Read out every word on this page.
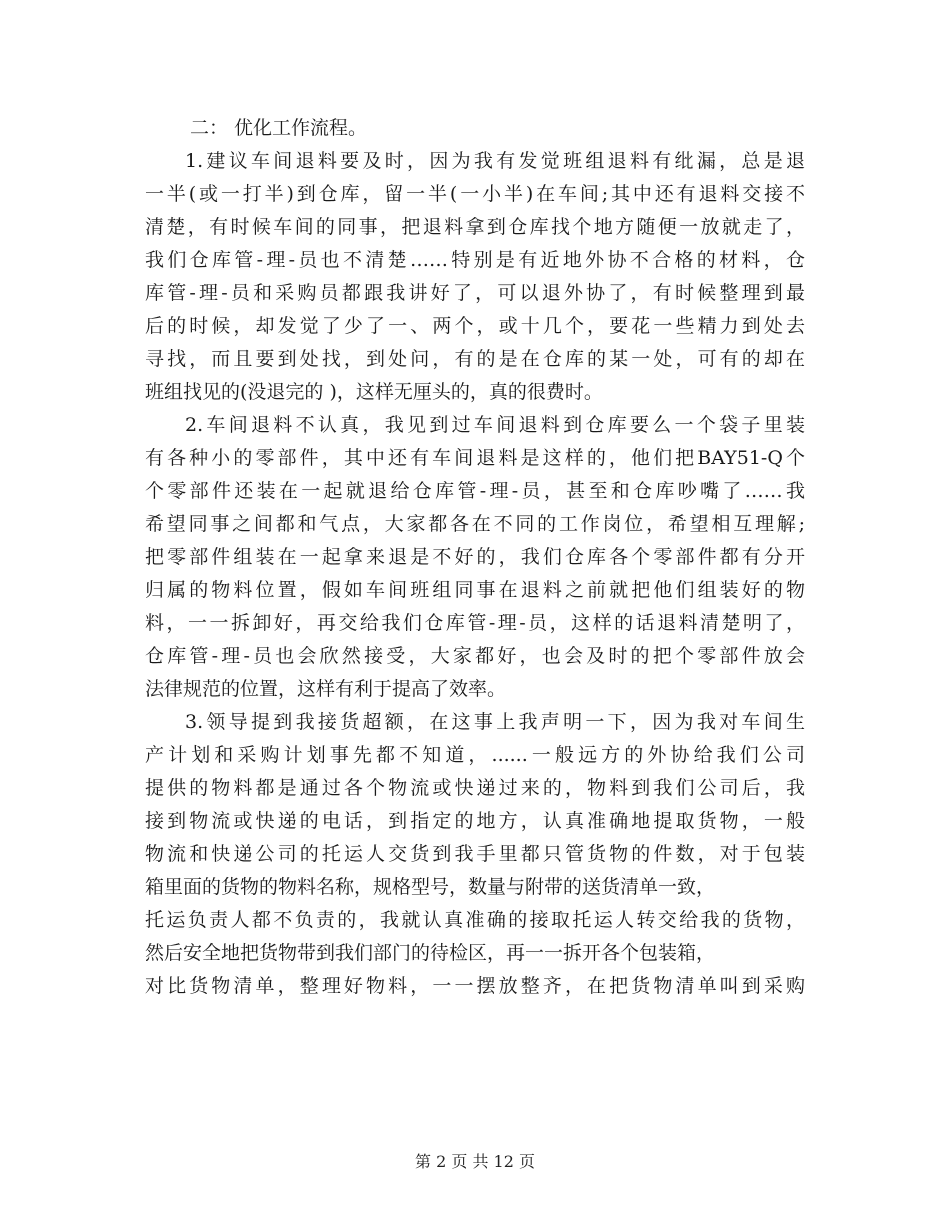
二： 优化工作流程。
1.建议车间退料要及时，因为我有发觉班组退料有纰漏，总是退
一半(或一打半)到仓库，留一半(一小半)在车间;其中还有退料交接不
清楚，有时候车间的同事，把退料拿到仓库找个地方随便一放就走了，
我们仓库管-理-员也不清楚……特别是有近地外协不合格的材料，仓
库管-理-员和采购员都跟我讲好了，可以退外协了，有时候整理到最
后的时候，却发觉了少了一、两个，或十几个，要花一些精力到处去
寻找，而且要到处找，到处问，有的是在仓库的某一处，可有的却在
班组找见的(没退完的 )，这样无厘头的，真的很费时。
2.车间退料不认真，我见到过车间退料到仓库要么一个袋子里装
有各种小的零部件，其中还有车间退料是这样的，他们把BAY51-Q个
个零部件还装在一起就退给仓库管-理-员，甚至和仓库吵嘴了……我
希望同事之间都和气点，大家都各在不同的工作岗位，希望相互理解;
把零部件组装在一起拿来退是不好的，我们仓库各个零部件都有分开
归属的物料位置，假如车间班组同事在退料之前就把他们组装好的物
料，一一拆卸好，再交给我们仓库管-理-员，这样的话退料清楚明了，
仓库管-理-员也会欣然接受，大家都好，也会及时的把个零部件放会
法律规范的位置，这样有利于提高了效率。
3.领导提到我接货超额，在这事上我声明一下，因为我对车间生
产计划和采购计划事先都不知道，......一般远方的外协给我们公司
提供的物料都是通过各个物流或快递过来的，物料到我们公司后，我
接到物流或快递的电话，到指定的地方，认真准确地提取货物，一般
物流和快递公司的托运人交货到我手里都只管货物的件数，对于包装
箱里面的货物的物料名称，规格型号，数量与附带的送货清单一致，
托运负责人都不负责的，我就认真准确的接取托运人转交给我的货物，
然后安全地把货物带到我们部门的待检区，再一一拆开各个包装箱，
对比货物清单，整理好物料，一一摆放整齐，在把货物清单叫到采购
第 2 页 共 12 页
